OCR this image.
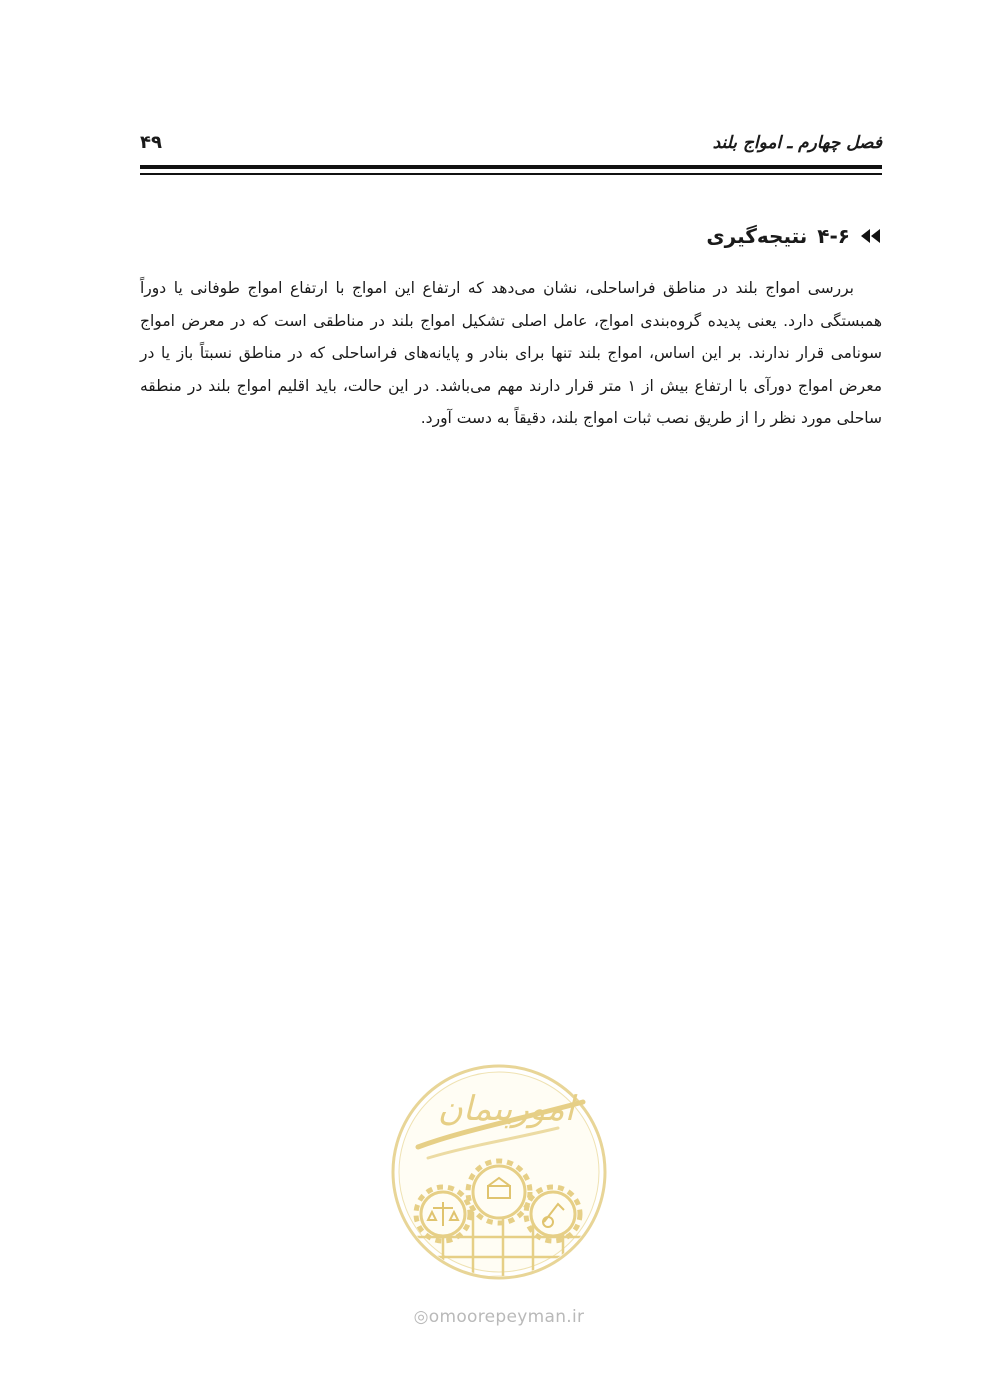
فصل چهارم ـ امواج بلند
۴۹
۴-۶
نتیجه‌گیری

بررسی امواج بلند در مناطق فراساحلی، نشان می‌دهد که ارتفاع این امواج با ارتفاع امواج طوفانی یا دوراً همبستگی دارد. یعنی پدیده گروه‌بندی امواج، عامل اصلی تشکیل امواج بلند در مناطقی است که در معرض امواج سونامی قرار ندارند. بر این اساس، امواج بلند تنها برای بنادر و پایانه‌های فراساحلی که در مناطق نسبتاً باز یا در معرض امواج دورآی با ارتفاع بیش از ۱ متر قرار دارند مهم می‌باشد. در این حالت، باید اقلیم امواج بلند در منطقه ساحلی مورد نظر را از طریق نصب ثبات امواج بلند، دقیقاً به دست آورد.

امورپیمان
◎omoorepeyman.ir
